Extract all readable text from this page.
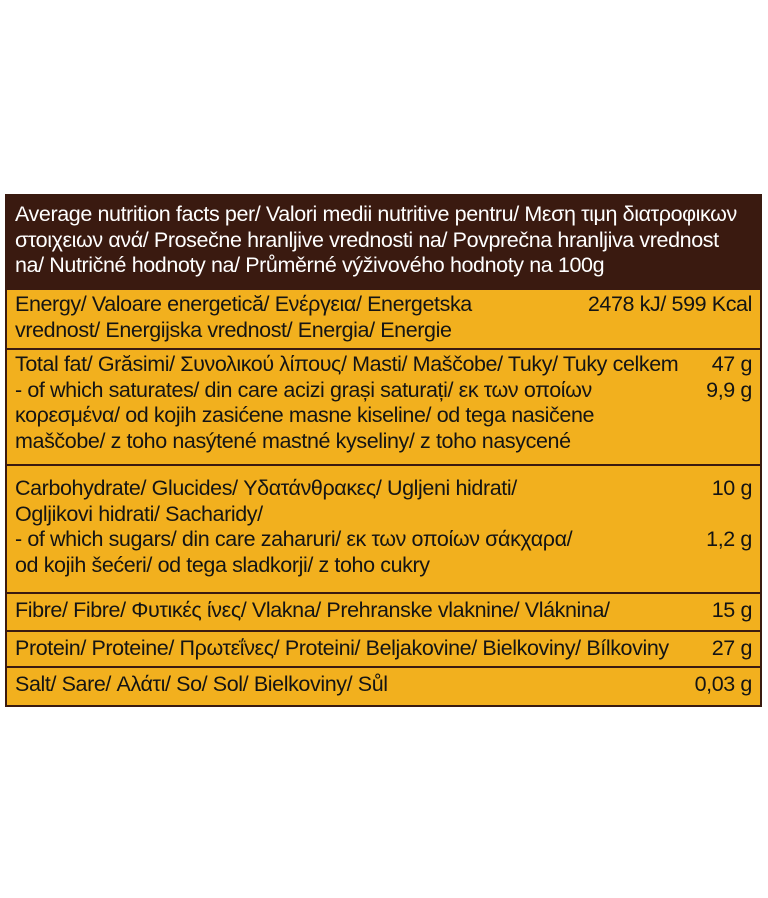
Average nutrition facts per/ Valori medii nutritive pentru/ Μεση τιμη διατροφικων
στοιχειων ανά/ Prosečne hranljive vrednosti na/ Povprečna hranljiva vrednost
na/ Nutričné hodnoty na/ Průměrné výživového hodnoty na 100g
Energy/ Valoare energetică/ Ενέργεια/ Energetska	2478 kJ/ 599 Kcal
vrednost/ Energijska vrednost/ Energia/ Energie
Total fat/ Grăsimi/ Συνολικού λίπους/ Masti/ Maščobe/ Tuky/ Tuky celkem 47 g
- of which saturates/ din care acizi grași saturați/ εκ των οποίων	9,9 g
κορεσμένα/ od kojih zasićene masne kiseline/ od tega nasičene
maščobe/ z toho nasýtené mastné kyseliny/ z toho nasycené
Carbohydrate/ Glucides/ Υδατάνθρακες/ Ugljeni hidrati/	10 g
Ogljikovi hidrati/ Sacharidy/
- of which sugars/ din care zaharuri/ εκ των οποίων σάκχαρα/	1,2 g
od kojih šećeri/ od tega sladkorji/ z toho cukry
Fibre/ Fibre/ Φυτικές ίνες/ Vlakna/ Prehranske vlaknine/ Vláknina/	15 g
Protein/ Proteine/ Πρωτεΐνες/ Proteini/ Beljakovine/ Bielkoviny/ Bílkoviny 27 g
Salt/ Sare/ Αλάτι/ So/ Sol/ Bielkoviny/ Sůl	0,03 g
